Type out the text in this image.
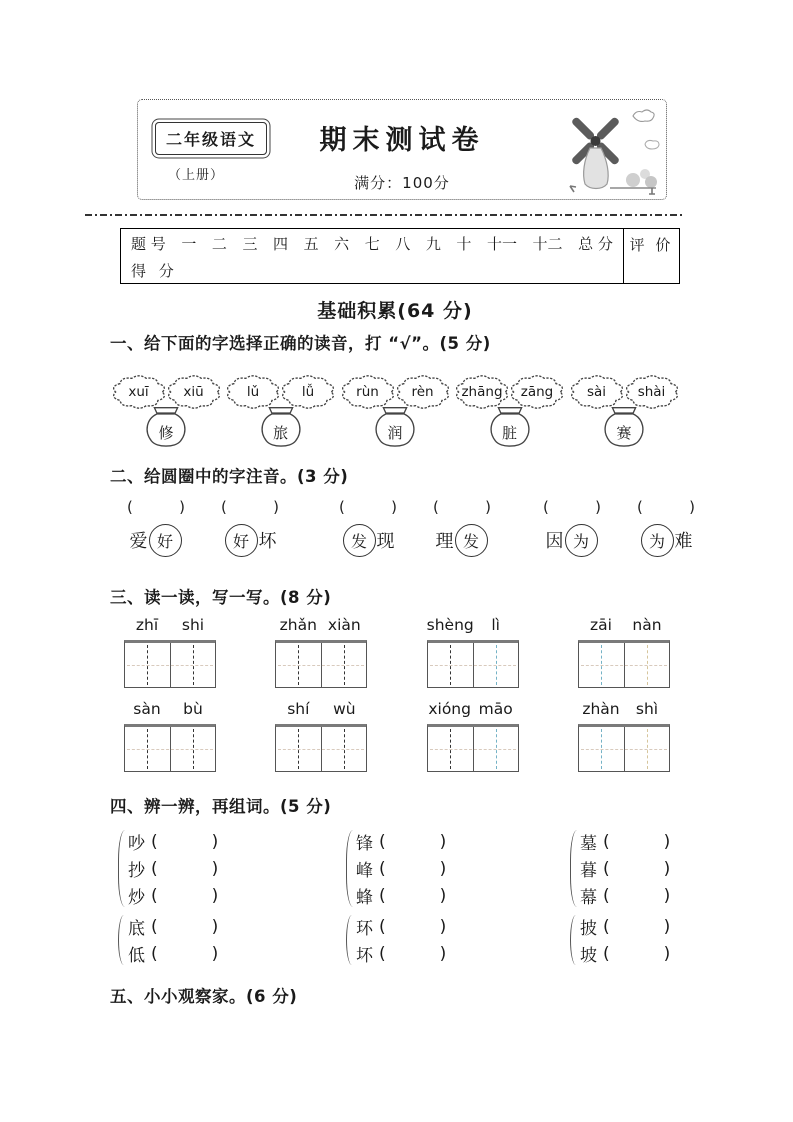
二年级语文
（上册）
期末测试卷
满分：100分
题 号 一 二 三 四 五 六 七 八 九 十 十一 十二 总 分
得 分
评 价
基础积累(64 分)
一、给下面的字选择正确的读音，打 “√”。(5 分)
xuī	xiū
修
lǔ	lǚ
旅
rùn	rèn
润
zhāng	zāng
脏
sài	shài
赛
二、给圆圈中的字注音。(3 分)
(	)
爱 好
(	)
好 坏
(	)
发 现
(	)
理 发
(	)
因 为
(	)
为 难
三、读一读，写一写。(8 分)
zhī	shi	zhǎn xiàn	shèng	lì	zāi	nàn
sàn	bù	shí	wù	xióng māo	zhàn	shì
四、辨一辨，再组词。(5 分)
吵 (	)
抄 (	)
炒 (	)
底 (	)
低 (	)
锋 (	)
峰 (	)
蜂 (	)
环 (	)
坏 (	)
墓 (	)
暮 (	)
幕 (	)
披 (	)
坡 (	)
五、小小观察家。(6 分)
